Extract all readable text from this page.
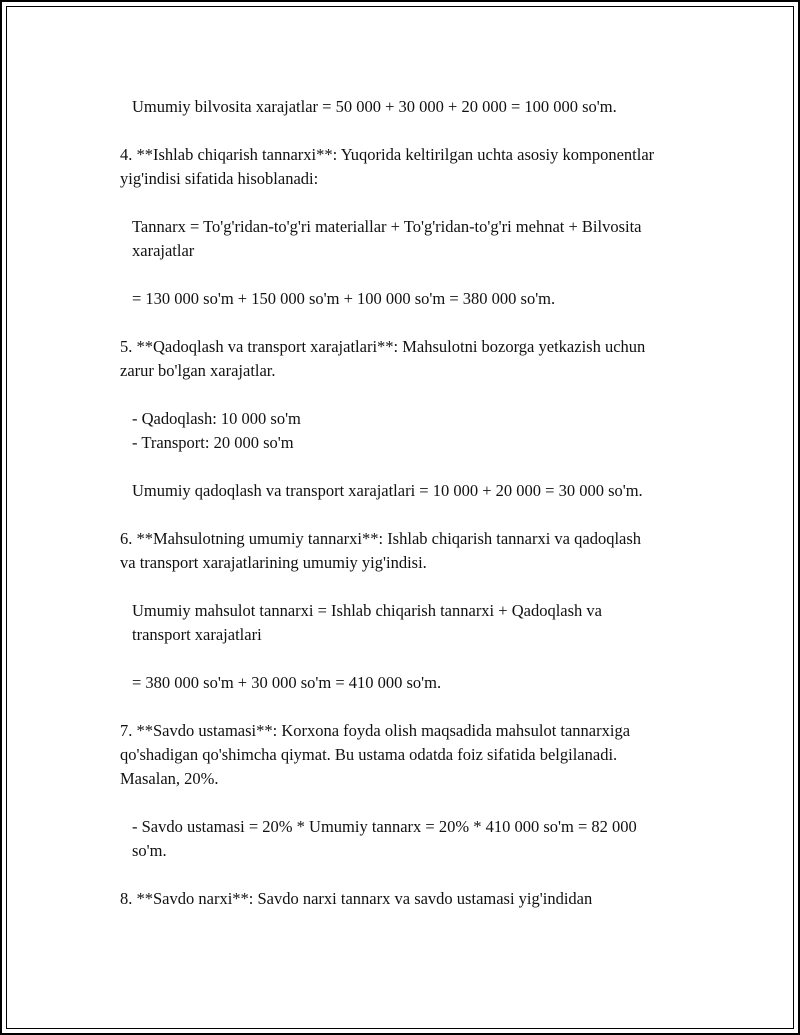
Umumiy bilvosita xarajatlar = 50 000 + 30 000 + 20 000 = 100 000 so'm.

4. **Ishlab chiqarish tannarxi**: Yuqorida keltirilgan uchta asosiy komponentlar yig'indisi sifatida hisoblanadi:

Tannarx = To'g'ridan-to'g'ri materiallar + To'g'ridan-to'g'ri mehnat + Bilvosita xarajatlar

= 130 000 so'm + 150 000 so'm + 100 000 so'm = 380 000 so'm.

5. **Qadoqlash va transport xarajatlari**: Mahsulotni bozorga yetkazish uchun zarur bo'lgan xarajatlar.

- Qadoqlash: 10 000 so'm

- Transport: 20 000 so'm

Umumiy qadoqlash va transport xarajatlari = 10 000 + 20 000 = 30 000 so'm.

6. **Mahsulotning umumiy tannarxi**: Ishlab chiqarish tannarxi va qadoqlash va transport xarajatlarining umumiy yig'indisi.

Umumiy mahsulot tannarxi = Ishlab chiqarish tannarxi + Qadoqlash va transport xarajatlari

= 380 000 so'm + 30 000 so'm = 410 000 so'm.

7. **Savdo ustamasi**: Korxona foyda olish maqsadida mahsulot tannarxiga qo'shadigan qo'shimcha qiymat. Bu ustama odatda foiz sifatida belgilanadi. Masalan, 20%.

- Savdo ustamasi = 20% * Umumiy tannarx = 20% * 410 000 so'm = 82 000 so'm.

8. **Savdo narxi**: Savdo narxi tannarx va savdo ustamasi yig'indidan
